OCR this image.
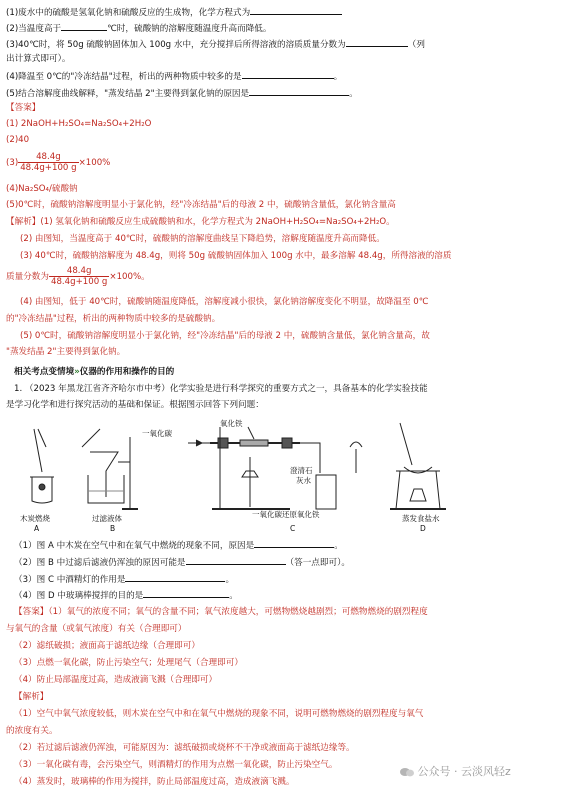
(1)废水中的硫酸是氢氧化钠和硫酸反应的生成物，化学方程式为
(2)当温度高于	℃时，硫酸钠的溶解度随温度升高而降低。
(3)40℃时，将 50g 硫酸钠固体加入 100g 水中，充分搅拌后所得溶液的溶质质量分数为	（列
出计算式即可）。
(4)降温至 0℃的"冷冻结晶"过程，析出的两种物质中较多的是	。
(5)结合溶解度曲线解释，"蒸发结晶 2"主要得到氯化钠的原因是	。
【答案】
(1) 2NaOH+H₂SO₄=Na₂SO₄+2H₂O
(2)40
$(3) \frac{48.4g}{48.4g+100 g} \times 100\%$
(4)Na₂SO₄/硫酸钠
(5)0℃时，硫酸钠溶解度明显小于氯化钠，经"冷冻结晶"后的母液 2 中，硫酸钠含量低，氯化钠含量高
【解析】(1) 氢氧化钠和硫酸反应生成硫酸钠和水，化学方程式为 2NaOH+H₂SO₄=Na₂SO₄+2H₂O。
(2) 由图知，当温度高于 40℃时，硫酸钠的溶解度曲线呈下降趋势，溶解度随温度升高而降低。
(3) 40℃时，硫酸钠溶解度为 48.4g，则将 50g 硫酸钠固体加入 100g 水中，最多溶解 48.4g，所得溶液的溶质
质量分数为 $\frac{48.4g}{48.4g+100 g} \times 100\%$。
(4) 由图知，低于 40℃时，硫酸钠随温度降低，溶解度减小很快，氯化钠溶解度变化不明显，故降温至 0℃
的"冷冻结晶"过程，析出的两种物质中较多的是硫酸钠。
(5) 0℃时，硫酸钠溶解度明显小于氯化钠，经"冷冻结晶"后的母液 2 中，硫酸钠含量低，氯化钠含量高，故
"蒸发结晶 2"主要得到氯化钠。
相关考点变情境»仪器的作用和操作的目的
1. （2023 年黑龙江省齐齐哈尔市中考）化学实验是进行科学探究的重要方式之一，具备基本的化学实验技能
是学习化学和进行探究活动的基础和保证。根据图示回答下列问题：
一氧化碳
氧化铁
澄清石
灰水
木炭燃烧	过滤液体	一氧化碳还原氧化铁	蒸发食盐水
A	B	C	D
（1）图 A 中木炭在空气中和在氧气中燃烧的现象不同，原因是	。
（2）图 B 中过滤后滤液仍浑浊的原因可能是	（答一点即可）。
（3）图 C 中酒精灯的作用是	。
（4）图 D 中玻璃棒搅拌的目的是	。
【答案】（1）氧气的浓度不同；氧气的含量不同；氧气浓度越大，可燃物燃烧越剧烈；可燃物燃烧的剧烈程度
与氧气的含量（或氧气浓度）有关（合理即可）
（2）滤纸破损；液面高于滤纸边缘（合理即可）
（3）点燃一氧化碳，防止污染空气；处理尾气（合理即可）
（4）防止局部温度过高，造成液滴飞溅（合理即可）
【解析】
（1）空气中氧气浓度较低，则木炭在空气中和在氧气中燃烧的现象不同，说明可燃物燃烧的剧烈程度与氧气
的浓度有关。
（2）若过滤后滤液仍浑浊，可能原因为：滤纸破损或烧杯不干净或液面高于滤纸边缘等。
（3）一氧化碳有毒，会污染空气，则酒精灯的作用为点燃一氧化碳，防止污染空气。
（4）蒸发时，玻璃棒的作用为搅拌，防止局部温度过高，造成液滴飞溅。
公众号 · 云淡风轻z
